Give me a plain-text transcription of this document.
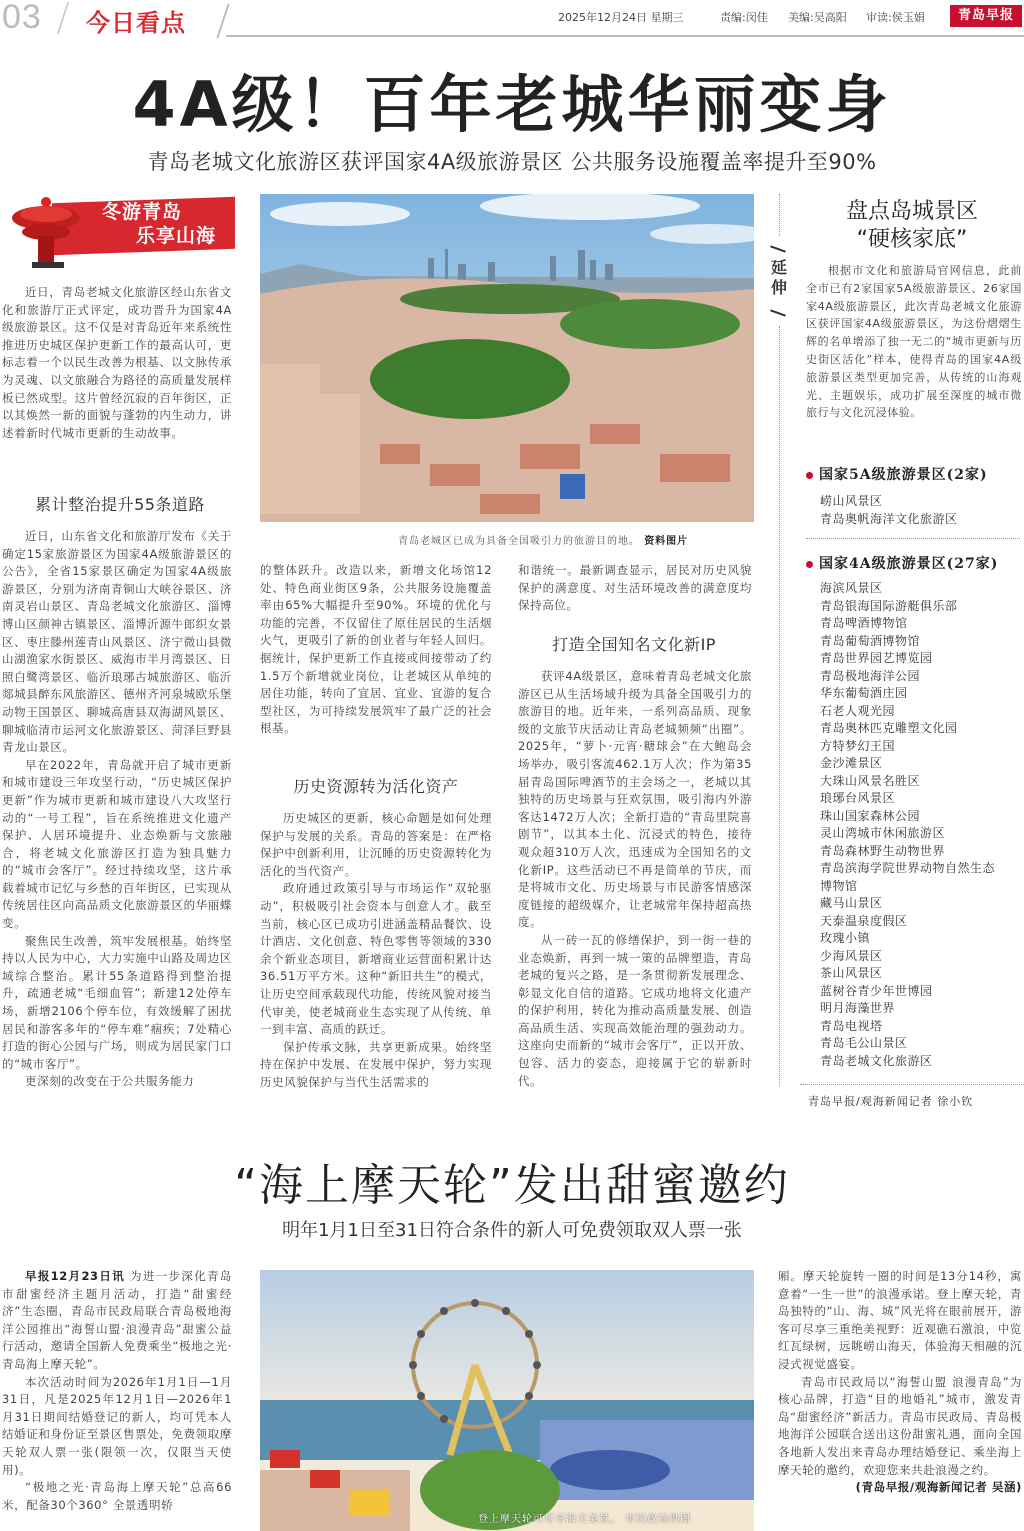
03 今日看点	2025年12月24日 星期三	责编:闵佳 美编:吴高阳 审读:侯玉娟	青岛早报
4A级！百年老城华丽变身
青岛老城文化旅游区获评国家4A级旅游景区 公共服务设施覆盖率提升至90%
冬游青岛
乐享山海

近日，青岛老城文化旅游区经山东省文化和旅游厅正式评定，成功晋升为国家4A级旅游景区。这不仅是对青岛近年来系统性推进历史城区保护更新工作的最高认可，更标志着一个以民生改善为根基、以文脉传承为灵魂、以文旅融合为路径的高质量发展样板已然成型。这片曾经沉寂的百年街区，正以其焕然一新的面貌与蓬勃的内生动力，讲述着新时代城市更新的生动故事。

累计整治提升55条道路

近日，山东省文化和旅游厅发布《关于确定15家旅游景区为国家4A级旅游景区的公告》，全省15家景区确定为国家4A级旅游景区，分别为济南青铜山大峡谷景区、济南灵岩山景区、青岛老城文化旅游区、淄博博山区颜神古镇景区、淄博沂源牛郎织女景区、枣庄滕州莲青山风景区、济宁微山县微山湖渔家水街景区、威海市半月湾景区、日照白鹭湾景区、临沂琅琊古城旅游区、临沂郯城县醉东风旅游区、德州齐河泉城欧乐堡动物王国景区、聊城高唐县双海湖风景区、聊城临清市运河文化旅游景区、菏泽巨野县青龙山景区。

早在2022年，青岛就开启了城市更新和城市建设三年攻坚行动，“历史城区保护更新”作为城市更新和城市建设八大攻坚行动的“一号工程”，旨在系统推进文化遗产保护、人居环境提升、业态焕新与文旅融合，将老城文化旅游区打造为独具魅力的“城市会客厅”。经过持续攻坚，这片承载着城市记忆与乡愁的百年街区，已实现从传统居住区向高品质文化旅游景区的华丽蝶变。

聚焦民生改善，筑牢发展根基。始终坚持以人民为中心，大力实施中山路及周边区域综合整治。累计55条道路得到整治提升，疏通老城“毛细血管”；新建12处停车场，新增2106个停车位，有效缓解了困扰居民和游客多年的“停车难”痼疾；7处精心打造的街心公园与广场，则成为居民家门口的“城市客厅”。

更深刻的改变在于公共服务能力

青岛老城区已成为具备全国吸引力的旅游目的地。 资料图片
的整体跃升。改造以来，新增文化场馆12处、特色商业街区9条，公共服务设施覆盖率由65%大幅提升至90%。环境的优化与功能的完善，不仅留住了原住居民的生活烟火气，更吸引了新的创业者与年轻人回归。据统计，保护更新工作直接或间接带动了约1.5万个新增就业岗位，让老城区从单纯的居住功能，转向了宜居、宜业、宜游的复合型社区，为可持续发展筑牢了最广泛的社会根基。
历史资源转为活化资产

历史城区的更新，核心命题是如何处理保护与发展的关系。青岛的答案是：在严格保护中创新利用，让沉睡的历史资源转化为活化的当代资产。

政府通过政策引导与市场运作“双轮驱动”，积极吸引社会资本与创意人才。截至当前，核心区已成功引进涵盖精品餐饮、设计酒店、文化创意、特色零售等领域的330余个新业态项目，新增商业运营面积累计达36.51万平方米。这种“新旧共生”的模式，让历史空间承载现代功能，传统风貌对接当代审美，使老城商业生态实现了从传统、单一到丰富、高质的跃迁。

保护传承文脉，共享更新成果。始终坚持在保护中发展、在发展中保护，努力实现历史风貌保护与当代生活需求的

和谐统一。最新调查显示，居民对历史风貌保护的满意度、对生活环境改善的满意度均保持高位。
打造全国知名文化新IP

获评4A级景区，意味着青岛老城文化旅游区已从生活场域升级为具备全国吸引力的旅游目的地。近年来，一系列高品质、现象级的文旅节庆活动让青岛老城频频“出圈”。2025年，“萝卜·元宵·糖球会”在大鲍岛会场举办，吸引客流462.1万人次；作为第35届青岛国际啤酒节的主会场之一，老城以其独特的历史场景与狂欢氛围，吸引海内外游客达1472万人次；全新打造的“青岛里院喜剧节”，以其本土化、沉浸式的特色，接待观众超310万人次，迅速成为全国知名的文化新IP。这些活动已不再是简单的节庆，而是将城市文化、历史场景与市民游客情感深度链接的超级媒介，让老城常年保持超高热度。

从一砖一瓦的修缮保护，到一街一巷的业态焕新，再到一城一策的品牌塑造，青岛老城的复兴之路，是一条贯彻新发展理念、彰显文化自信的道路。它成功地将文化遗产的保护利用，转化为推动高质量发展、创造高品质生活、实现高效能治理的强劲动力。这座向史而新的“城市会客厅”，正以开放、包容、活力的姿态，迎接属于它的崭新时代。

延伸
盘点岛城景区
“硬核家底”

根据市文化和旅游局官网信息，此前全市已有2家国家5A级旅游景区、26家国家4A级旅游景区，此次青岛老城文化旅游区获评国家4A级旅游景区，为这份熠熠生辉的名单增添了独一无二的“城市更新与历史街区活化”样本，使得青岛的国家4A级旅游景区类型更加完善，从传统的山海观光、主题娱乐，成功扩展至深度的城市微旅行与文化沉浸体验。

国家5A级旅游景区(2家)
崂山风景区
青岛奥帆海洋文化旅游区
国家4A级旅游景区(27家)
海滨风景区
青岛银海国际游艇俱乐部
青岛啤酒博物馆
青岛葡萄酒博物馆
青岛世界园艺博览园
青岛极地海洋公园
华东葡萄酒庄园
石老人观光园
青岛奥林匹克雕塑文化园
方特梦幻王国
金沙滩景区
大珠山风景名胜区
琅琊台风景区
珠山国家森林公园
灵山湾城市休闲旅游区
青岛森林野生动物世界
青岛滨海学院世界动物自然生态
博物馆
藏马山景区
天泰温泉度假区
玫瑰小镇
少海风景区
茶山风景区
蓝树谷青少年世博园
明月海藻世界
青岛电视塔
青岛毛公山景区
青岛老城文化旅游区
青岛早报/观海新闻记者 徐小钦
“海上摩天轮”发出甜蜜邀约
明年1月1日至31日符合条件的新人可免费领取双人票一张

早报12月23日讯 为进一步深化青岛市甜蜜经济主题月活动，打造“甜蜜经济”生态圈，青岛市民政局联合青岛极地海洋公园推出“海誓山盟·浪漫青岛”甜蜜公益行活动，邀请全国新人免费乘坐“极地之光·青岛海上摩天轮”。

本次活动时间为2026年1月1日—1月31日，凡是2025年12月1日—2026年1月31日期间结婚登记的新人，均可凭本人结婚证和身份证至景区售票处，免费领取摩天轮双人票一张(限领一次，仅限当天使用)。

“极地之光·青岛海上摩天轮”总高66米，配备30个360° 全景透明轿

登上摩天轮可尽享海天美景。 市民政局供图
厢。摩天轮旋转一圈的时间是13分14秒，寓意着“一生一世”的浪漫承诺。登上摩天轮，青岛独特的“山、海、城”风光将在眼前展开，游客可尽享三重绝美视野：近观礁石激浪，中览红瓦绿树，远眺崂山海天，体验海天相融的沉浸式视觉盛宴。

青岛市民政局以“海誓山盟 浪漫青岛”为核心品牌，打造“目的地婚礼”城市，激发青岛“甜蜜经济”新活力。青岛市民政局、青岛极地海洋公园联合送出这份甜蜜礼遇，面向全国各地新人发出来青岛办理结婚登记、乘坐海上摩天轮的邀约，欢迎您来共赴浪漫之约。

(青岛早报/观海新闻记者 吴涵)
